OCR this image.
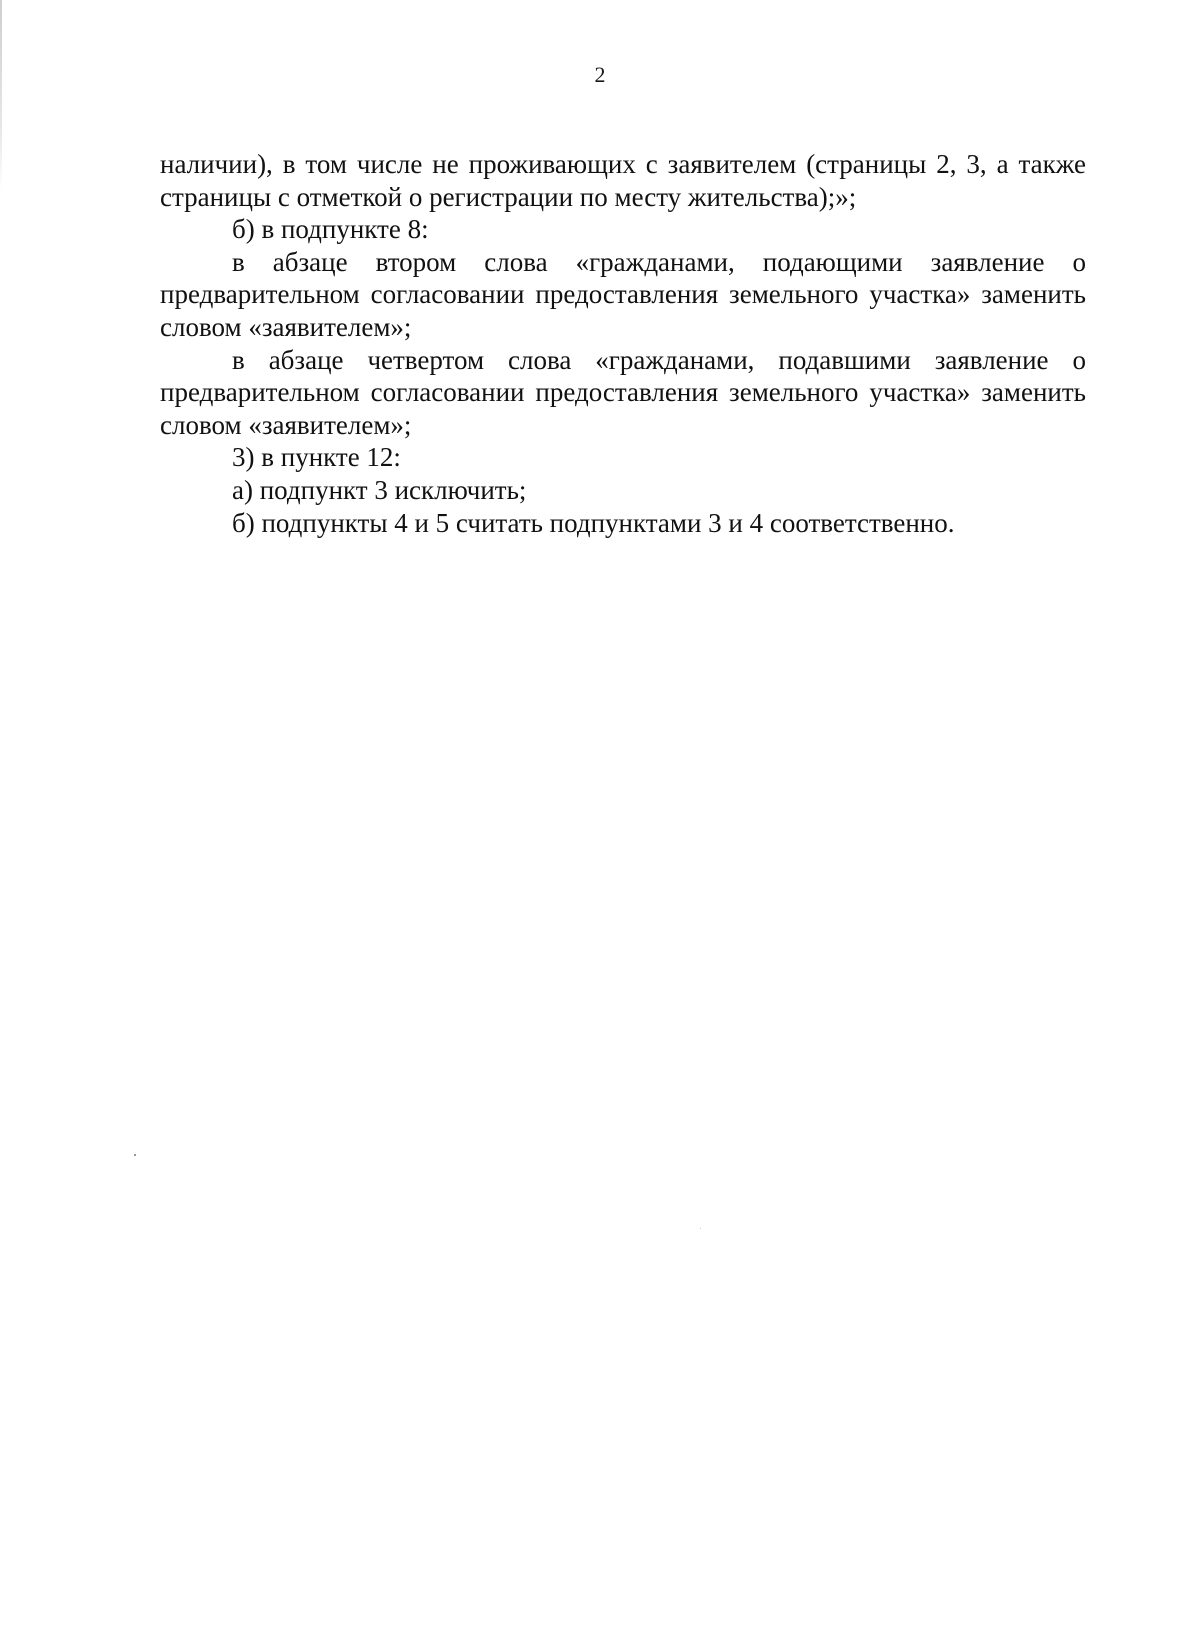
2

наличии), в том числе не проживающих с заявителем (страницы 2, 3, а также страницы с отметкой о регистрации по месту жительства);»;

б) в подпункте 8:

в абзаце втором слова «гражданами, подающими заявление о предварительном согласовании предоставления земельного участка» заменить словом «заявителем»;

в абзаце четвертом слова «гражданами, подавшими заявление о предварительном согласовании предоставления земельного участка» заменить словом «заявителем»;

3) в пункте 12:

а) подпункт 3 исключить;

б) подпункты 4 и 5 считать подпунктами 3 и 4 соответственно.
